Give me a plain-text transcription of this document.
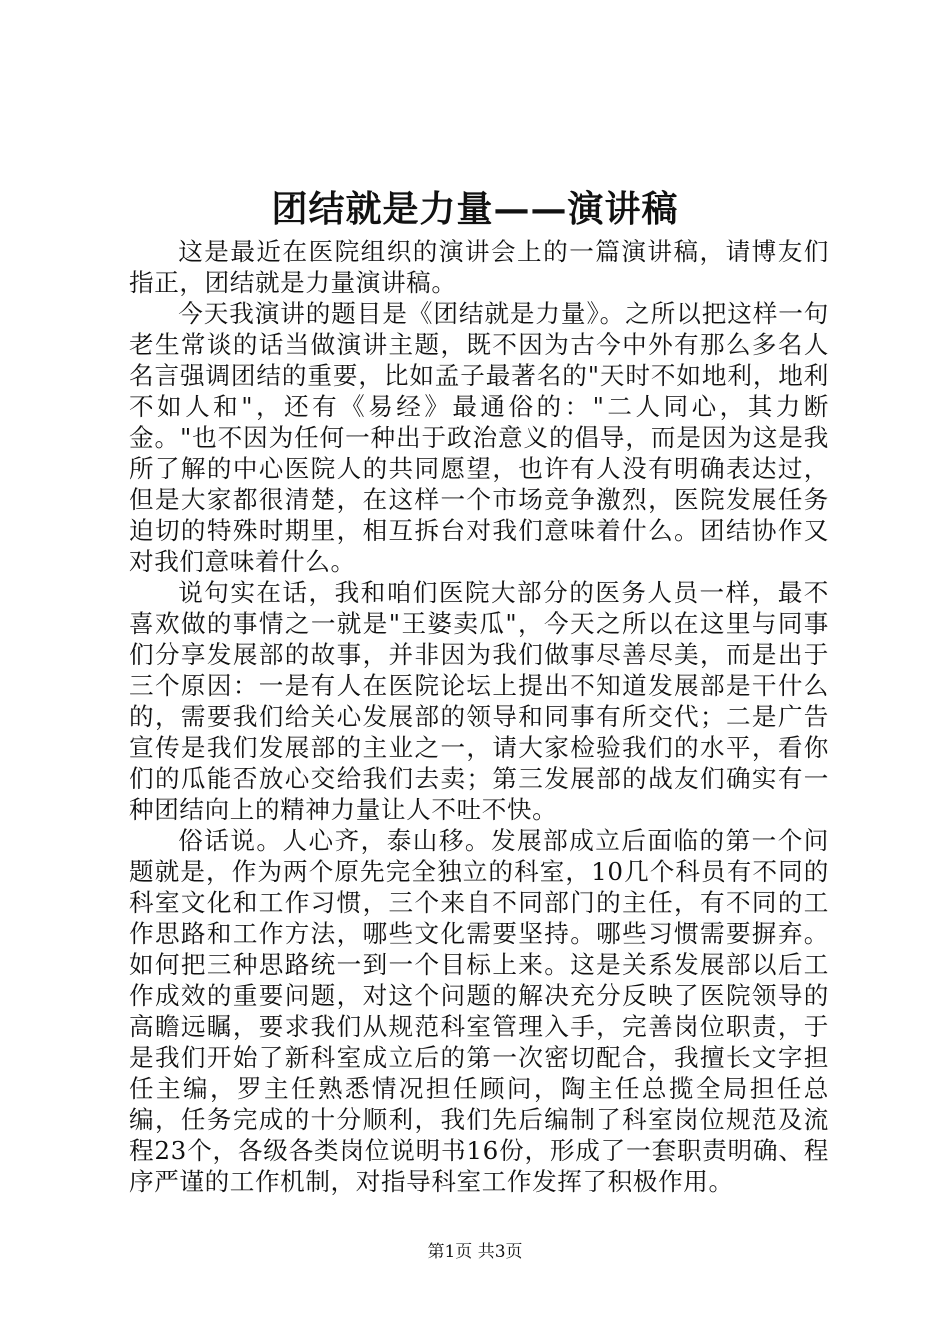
团结就是力量——演讲稿

这是最近在医院组织的演讲会上的一篇演讲稿，请博友们指正，团结就是力量演讲稿。

今天我演讲的题目是《团结就是力量》。之所以把这样一句老生常谈的话当做演讲主题，既不因为古今中外有那么多名人名言强调团结的重要，比如孟子最著名的"天时不如地利，地利不如人和"，还有《易经》最通俗的："二人同心，其力断金。"也不因为任何一种出于政治意义的倡导，而是因为这是我所了解的中心医院人的共同愿望，也许有人没有明确表达过，但是大家都很清楚，在这样一个市场竞争激烈，医院发展任务迫切的特殊时期里，相互拆台对我们意味着什么。团结协作又对我们意味着什么。

说句实在话，我和咱们医院大部分的医务人员一样，最不喜欢做的事情之一就是"王婆卖瓜"，今天之所以在这里与同事们分享发展部的故事，并非因为我们做事尽善尽美，而是出于三个原因：一是有人在医院论坛上提出不知道发展部是干什么的，需要我们给关心发展部的领导和同事有所交代；二是广告宣传是我们发展部的主业之一，请大家检验我们的水平，看你们的瓜能否放心交给我们去卖；第三发展部的战友们确实有一种团结向上的精神力量让人不吐不快。

俗话说。人心齐，泰山移。发展部成立后面临的第一个问题就是，作为两个原先完全独立的科室，10几个科员有不同的科室文化和工作习惯，三个来自不同部门的主任，有不同的工作思路和工作方法，哪些文化需要坚持。哪些习惯需要摒弃。如何把三种思路统一到一个目标上来。这是关系发展部以后工作成效的重要问题，对这个问题的解决充分反映了医院领导的高瞻远瞩，要求我们从规范科室管理入手，完善岗位职责，于是我们开始了新科室成立后的第一次密切配合，我擅长文字担任主编，罗主任熟悉情况担任顾问，陶主任总揽全局担任总编，任务完成的十分顺利，我们先后编制了科室岗位规范及流程23个，各级各类岗位说明书16份，形成了一套职责明确、程序严谨的工作机制，对指导科室工作发挥了积极作用。

第1页 共3页
